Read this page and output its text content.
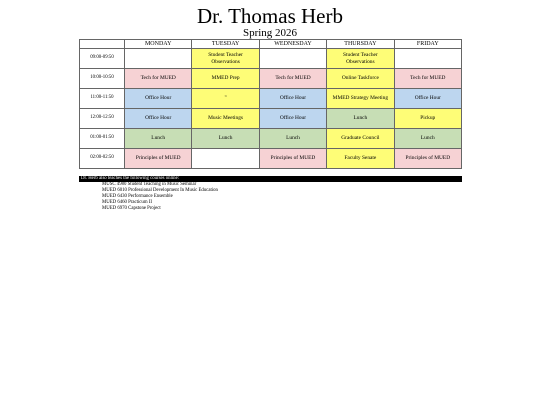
Dr. Thomas Herb
Spring 2026
	MONDAY	TUESDAY	WEDNESDAY	THURSDAY	FRIDAY
09:00-09:50		Student Teacher Observations		Student Teacher Observations	
10:00-10:50	Tech for MUED	MMED Prep	Tech for MUED	Online Taskforce	Tech for MUED
11:00-11:50	Office Hour	"	Office Hour	MMED Strategy Meeting	Office Hour
12:00-12:50	Office Hour	Music Meetings	Office Hour	Lunch	Pickup
01:00-01:50	Lunch	Lunch	Lunch	Graduate Council	Lunch
02:00-02:50	Principles of MUED		Principles of MUED	Faculty Senate	Principles of MUED
Dr. Herb also teaches the following courses online:
MUSC 4980 Student Teaching in Music Seminar
MUED 6010 Professional Development In Music Education
MUED 6430 Performance Ensemble
MUED 6460 Practicum II
MUED 6970 Capstone Project
